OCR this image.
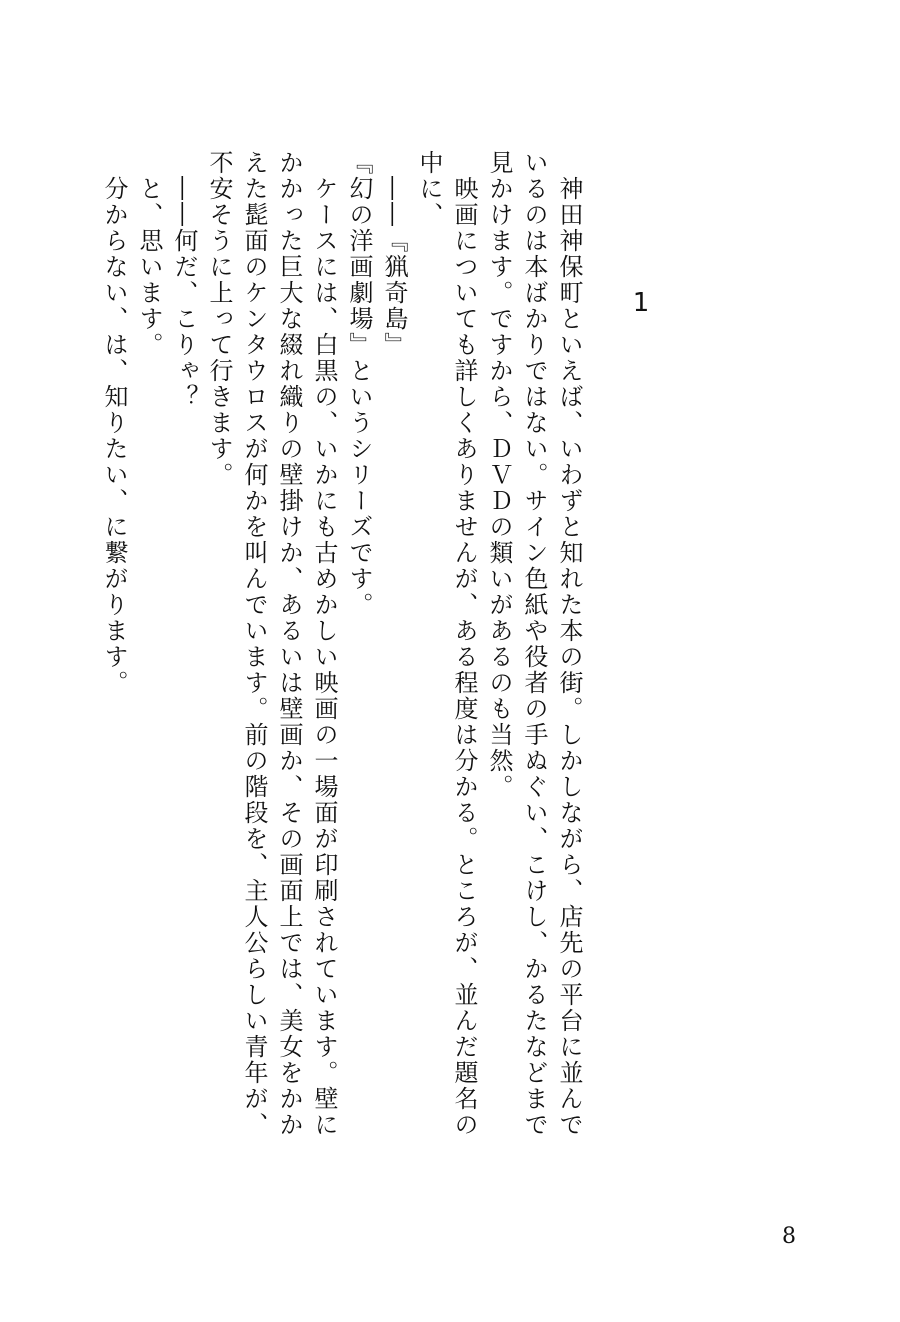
1

　神田神保町といえば、いわずと知れた本の街。しかしながら、店先の平台に並んでいるのは本ばかりではない。サイン色紙や役者の手ぬぐい、こけし、かるたなどまで見かけます。ですから、ＤＶＤの類いがあるのも当然。

　映画についても詳しくありませんが、ある程度は分かる。ところが、並んだ題名の中に、

　――『猟奇島』

『幻の洋画劇場』というシリーズです。

　ケースには、白黒の、いかにも古めかしい映画の一場面が印刷されています。壁にかかった巨大な綴れ織りの壁掛けか、あるいは壁画か、その画面上では、美女をかかえた髭面のケンタウロスが何かを叫んでいます。前の階段を、主人公らしい青年が、不安そうに上って行きます。

　――何だ、こりゃ？

　と、思います。

　分からない、は、知りたい、に繋がります。

8
